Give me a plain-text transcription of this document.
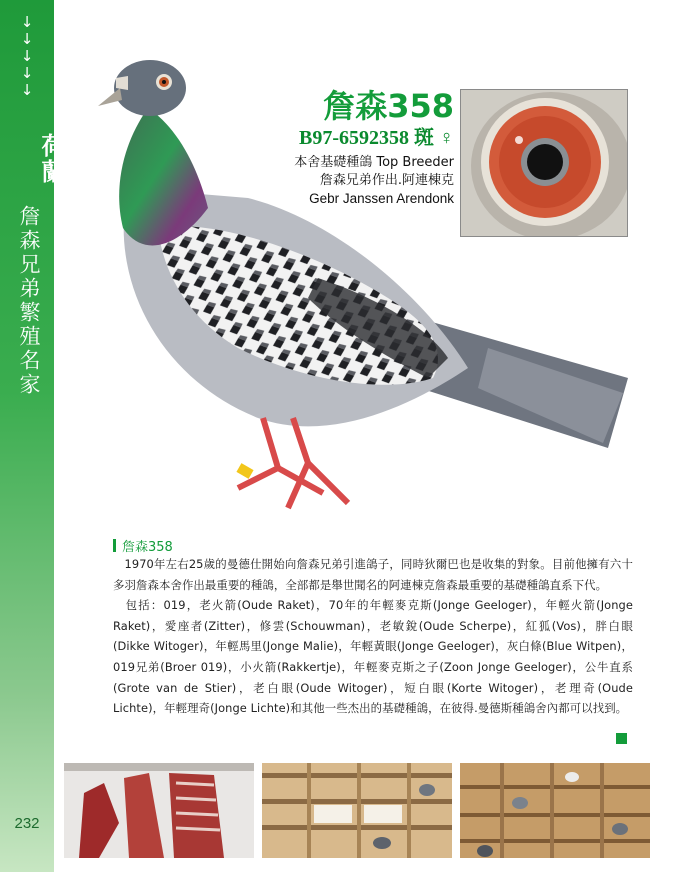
↓
↓
↓
↓
↓
荷蘭
詹森兄弟繁殖名家
232
詹森358
B97-6592358 斑 ♀
本舍基礎種鴿 Top Breeder
詹森兄弟作出.阿連棟克
Gebr Janssen Arendonk
詹森358

 1970年左右25歲的曼德仕開始向詹森兄弟引進鴿子，同時狄爾巴也是收集的對象。目前他擁有六十多羽詹森本舍作出最重要的種鴿，全部都是舉世聞名的阿連棟克詹森最重要的基礎種鴿直系下代。

 包括：019，老火箭(Oude Raket)，70年的年輕麥克斯(Jonge Geeloger)，年輕火箭(Jonge Raket)，愛座者(Zitter)，修雲(Schouwman)，老敏銳(Oude Scherpe)，紅狐(Vos)，胖白眼(Dikke Witoger)，年輕馬里(Jonge Malie)，年輕黃眼(Jonge Geeloger)，灰白條(Blue Witpen)，019兄弟(Broer 019)，小火箭(Rakkertje)，年輕麥克斯之子(Zoon Jonge Geeloger)，公牛直系(Grote van de Stier)，老白眼(Oude Witoger)，短白眼(Korte Witoger)，老理奇(Oude Lichte)，年輕理奇(Jonge Lichte)和其他一些杰出的基礎種鴿，在彼得.曼德斯種鴿舍內都可以找到。
